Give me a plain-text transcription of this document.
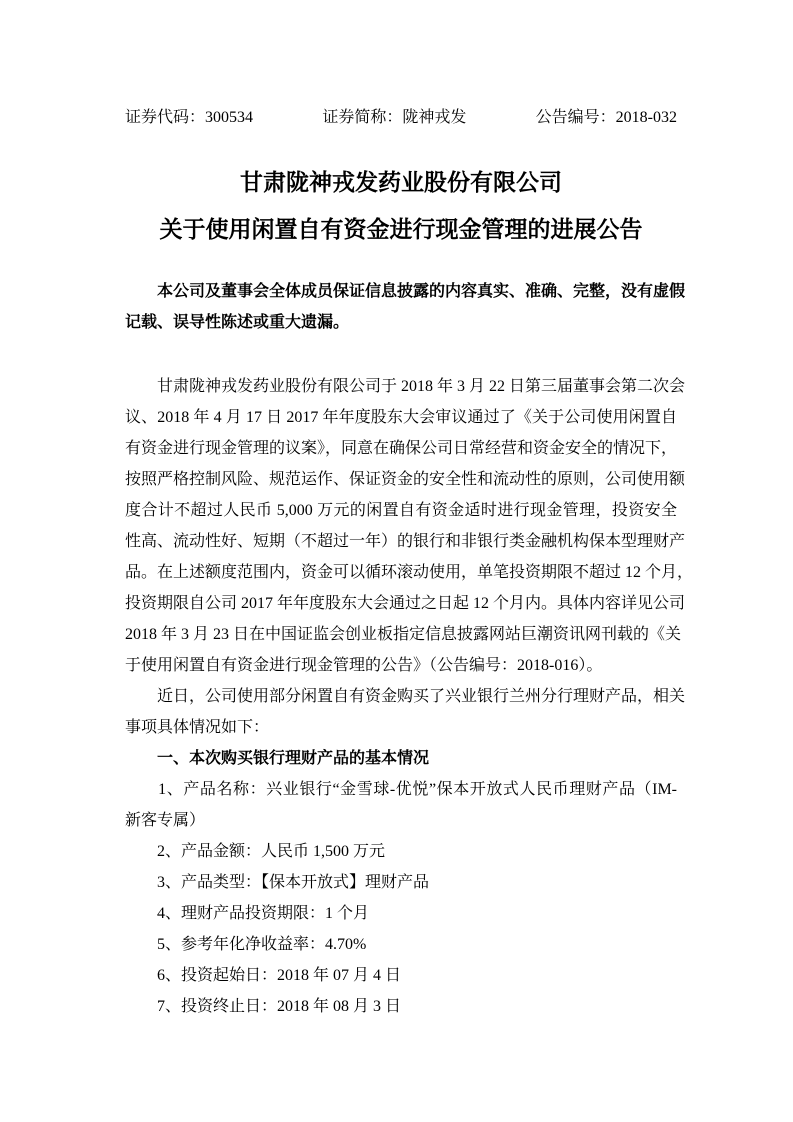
证券代码：300534	证券简称：陇神戎发	公告编号：2018-032
甘肃陇神戎发药业股份有限公司
关于使用闲置自有资金进行现金管理的进展公告
　　本公司及董事会全体成员保证信息披露的内容真实、准确、完整，没有虚假
记载、误导性陈述或重大遗漏。
　　甘肃陇神戎发药业股份有限公司于 2018 年 3 月 22 日第三届董事会第二次会
议、2018 年 4 月 17 日 2017 年年度股东大会审议通过了《关于公司使用闲置自
有资金进行现金管理的议案》，同意在确保公司日常经营和资金安全的情况下，
按照严格控制风险、规范运作、保证资金的安全性和流动性的原则，公司使用额
度合计不超过人民币 5,000 万元的闲置自有资金适时进行现金管理，投资安全
性高、流动性好、短期（不超过一年）的银行和非银行类金融机构保本型理财产
品。在上述额度范围内，资金可以循环滚动使用，单笔投资期限不超过 12 个月，
投资期限自公司 2017 年年度股东大会通过之日起 12 个月内。具体内容详见公司
2018 年 3 月 23 日在中国证监会创业板指定信息披露网站巨潮资讯网刊载的《关
于使用闲置自有资金进行现金管理的公告》（公告编号：2018-016）。
　　近日，公司使用部分闲置自有资金购买了兴业银行兰州分行理财产品，相关
事项具体情况如下：
　　一、本次购买银行理财产品的基本情况
　　1、产品名称：兴业银行“金雪球-优悦”保本开放式人民币理财产品（IM-
新客专属）
　　2、产品金额：人民币 1,500 万元
　　3、产品类型：【保本开放式】理财产品
　　4、理财产品投资期限：1 个月
　　5、参考年化净收益率：4.70%
　　6、投资起始日：2018 年 07 月 4 日
　　7、投资终止日：2018 年 08 月 3 日
